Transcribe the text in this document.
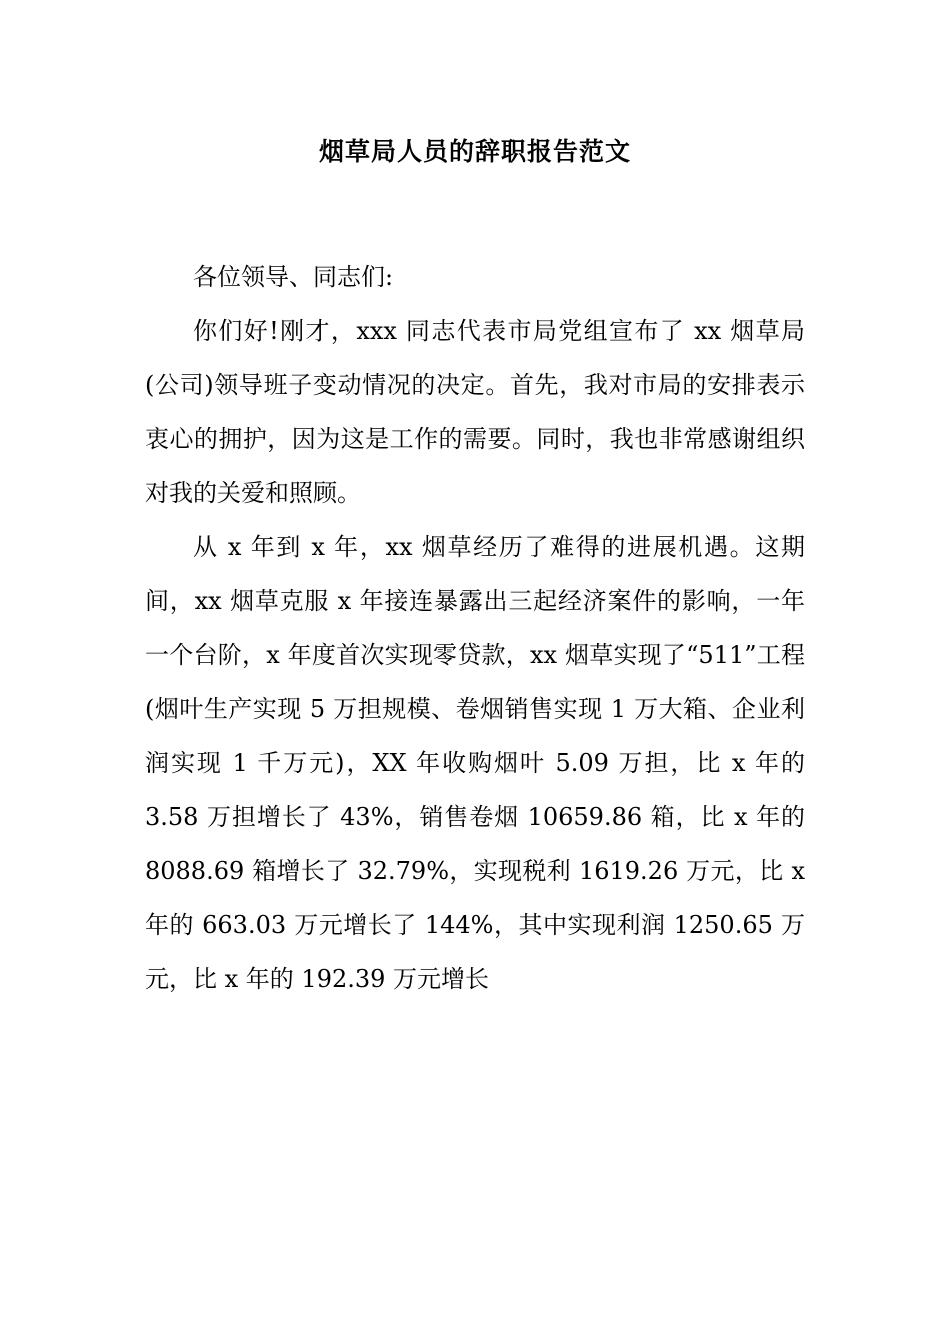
烟草局人员的辞职报告范文

各位领导、同志们:

你们好!刚才，xxx 同志代表市局党组宣布了 xx 烟草局(公司)领导班子变动情况的决定。首先，我对市局的安排表示衷心的拥护，因为这是工作的需要。同时，我也非常感谢组织对我的关爱和照顾。

从 x 年到 x 年，xx 烟草经历了难得的进展机遇。这期间，xx 烟草克服 x 年接连暴露出三起经济案件的影响，一年一个台阶，x 年度首次实现零贷款，xx 烟草实现了“511”工程(烟叶生产实现 5 万担规模、卷烟销售实现 1 万大箱、企业利润实现 1 千万元)，XX 年收购烟叶 5.09 万担，比 x 年的 3.58 万担增长了 43%，销售卷烟 10659.86 箱，比 x 年的 8088.69 箱增长了 32.79%，实现税利 1619.26 万元，比 x 年的 663.03 万元增长了 144%，其中实现利润 1250.65 万元，比 x 年的 192.39 万元增长
